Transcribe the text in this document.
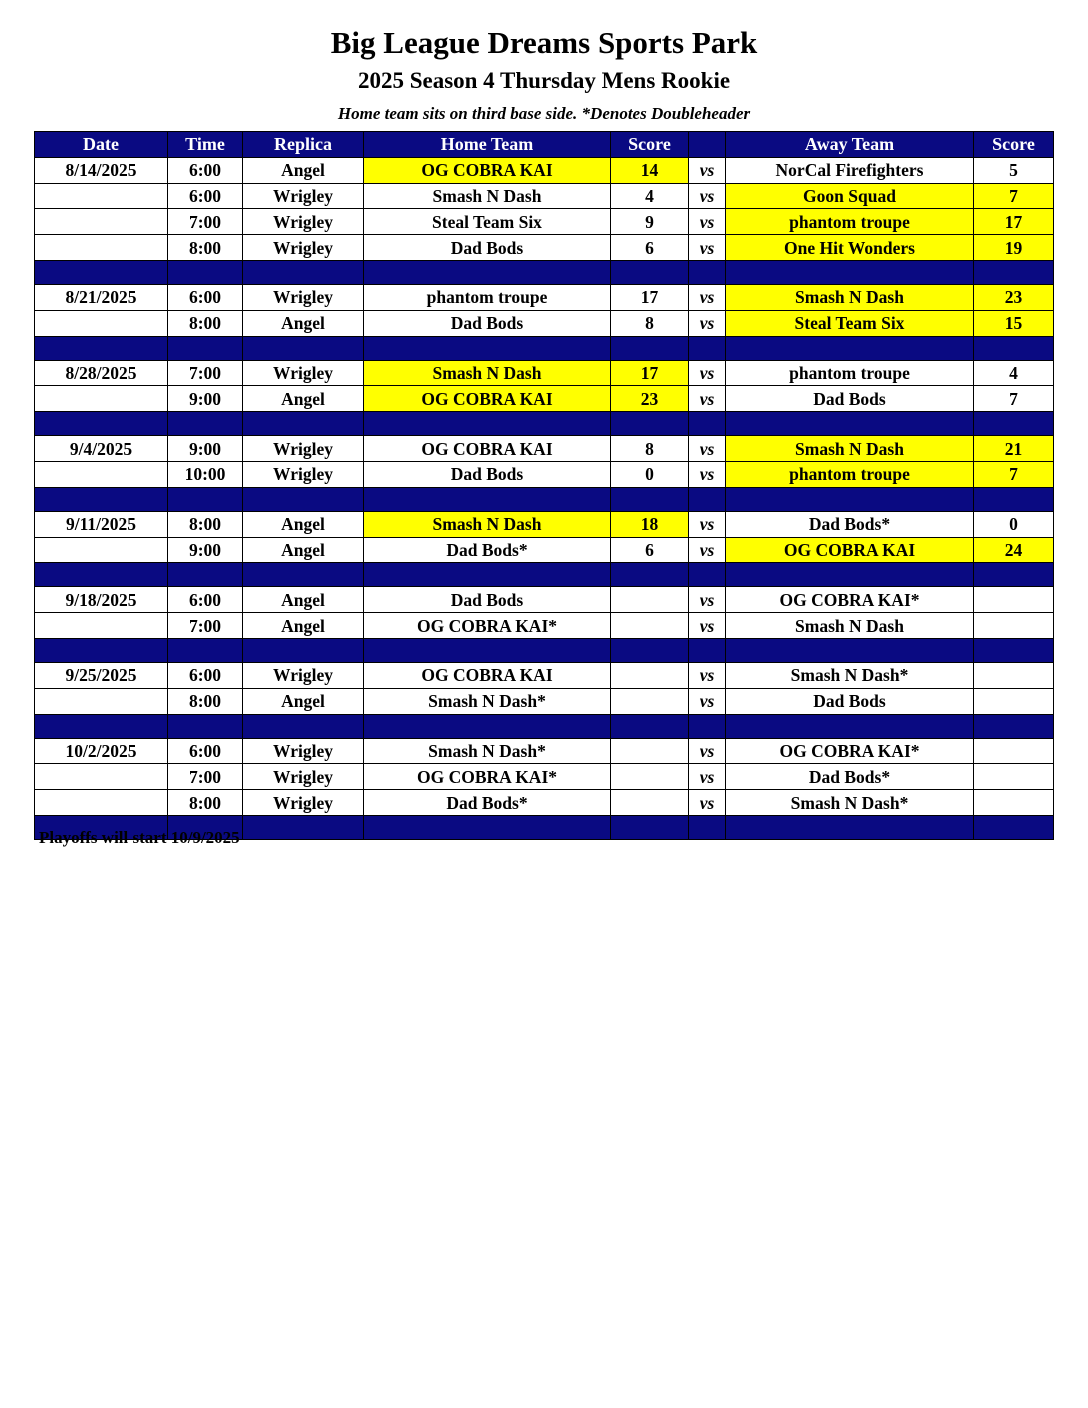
Big League Dreams Sports Park
2025 Season 4 Thursday Mens Rookie
Home team sits on third base side. *Denotes Doubleheader
Date	Time	Replica	Home Team	Score		Away Team	Score
8/14/2025	6:00	Angel	OG COBRA KAI	14	vs	NorCal Firefighters	5
	6:00	Wrigley	Smash N Dash	4	vs	Goon Squad	7
	7:00	Wrigley	Steal Team Six	9	vs	phantom troupe	17
	8:00	Wrigley	Dad Bods	6	vs	One Hit Wonders	19

8/21/2025	6:00	Wrigley	phantom troupe	17	vs	Smash N Dash	23
	8:00	Angel	Dad Bods	8	vs	Steal Team Six	15

8/28/2025	7:00	Wrigley	Smash N Dash	17	vs	phantom troupe	4
	9:00	Angel	OG COBRA KAI	23	vs	Dad Bods	7

9/4/2025	9:00	Wrigley	OG COBRA KAI	8	vs	Smash N Dash	21
	10:00	Wrigley	Dad Bods	0	vs	phantom troupe	7

9/11/2025	8:00	Angel	Smash N Dash	18	vs	Dad Bods*	0
	9:00	Angel	Dad Bods*	6	vs	OG COBRA KAI	24

9/18/2025	6:00	Angel	Dad Bods		vs	OG COBRA KAI*	
	7:00	Angel	OG COBRA KAI*		vs	Smash N Dash	

9/25/2025	6:00	Wrigley	OG COBRA KAI		vs	Smash N Dash*	
	8:00	Angel	Smash N Dash*		vs	Dad Bods	

10/2/2025	6:00	Wrigley	Smash N Dash*		vs	OG COBRA KAI*	
	7:00	Wrigley	OG COBRA KAI*		vs	Dad Bods*	
	8:00	Wrigley	Dad Bods*		vs	Smash N Dash*	

Playoffs will start 10/9/2025
